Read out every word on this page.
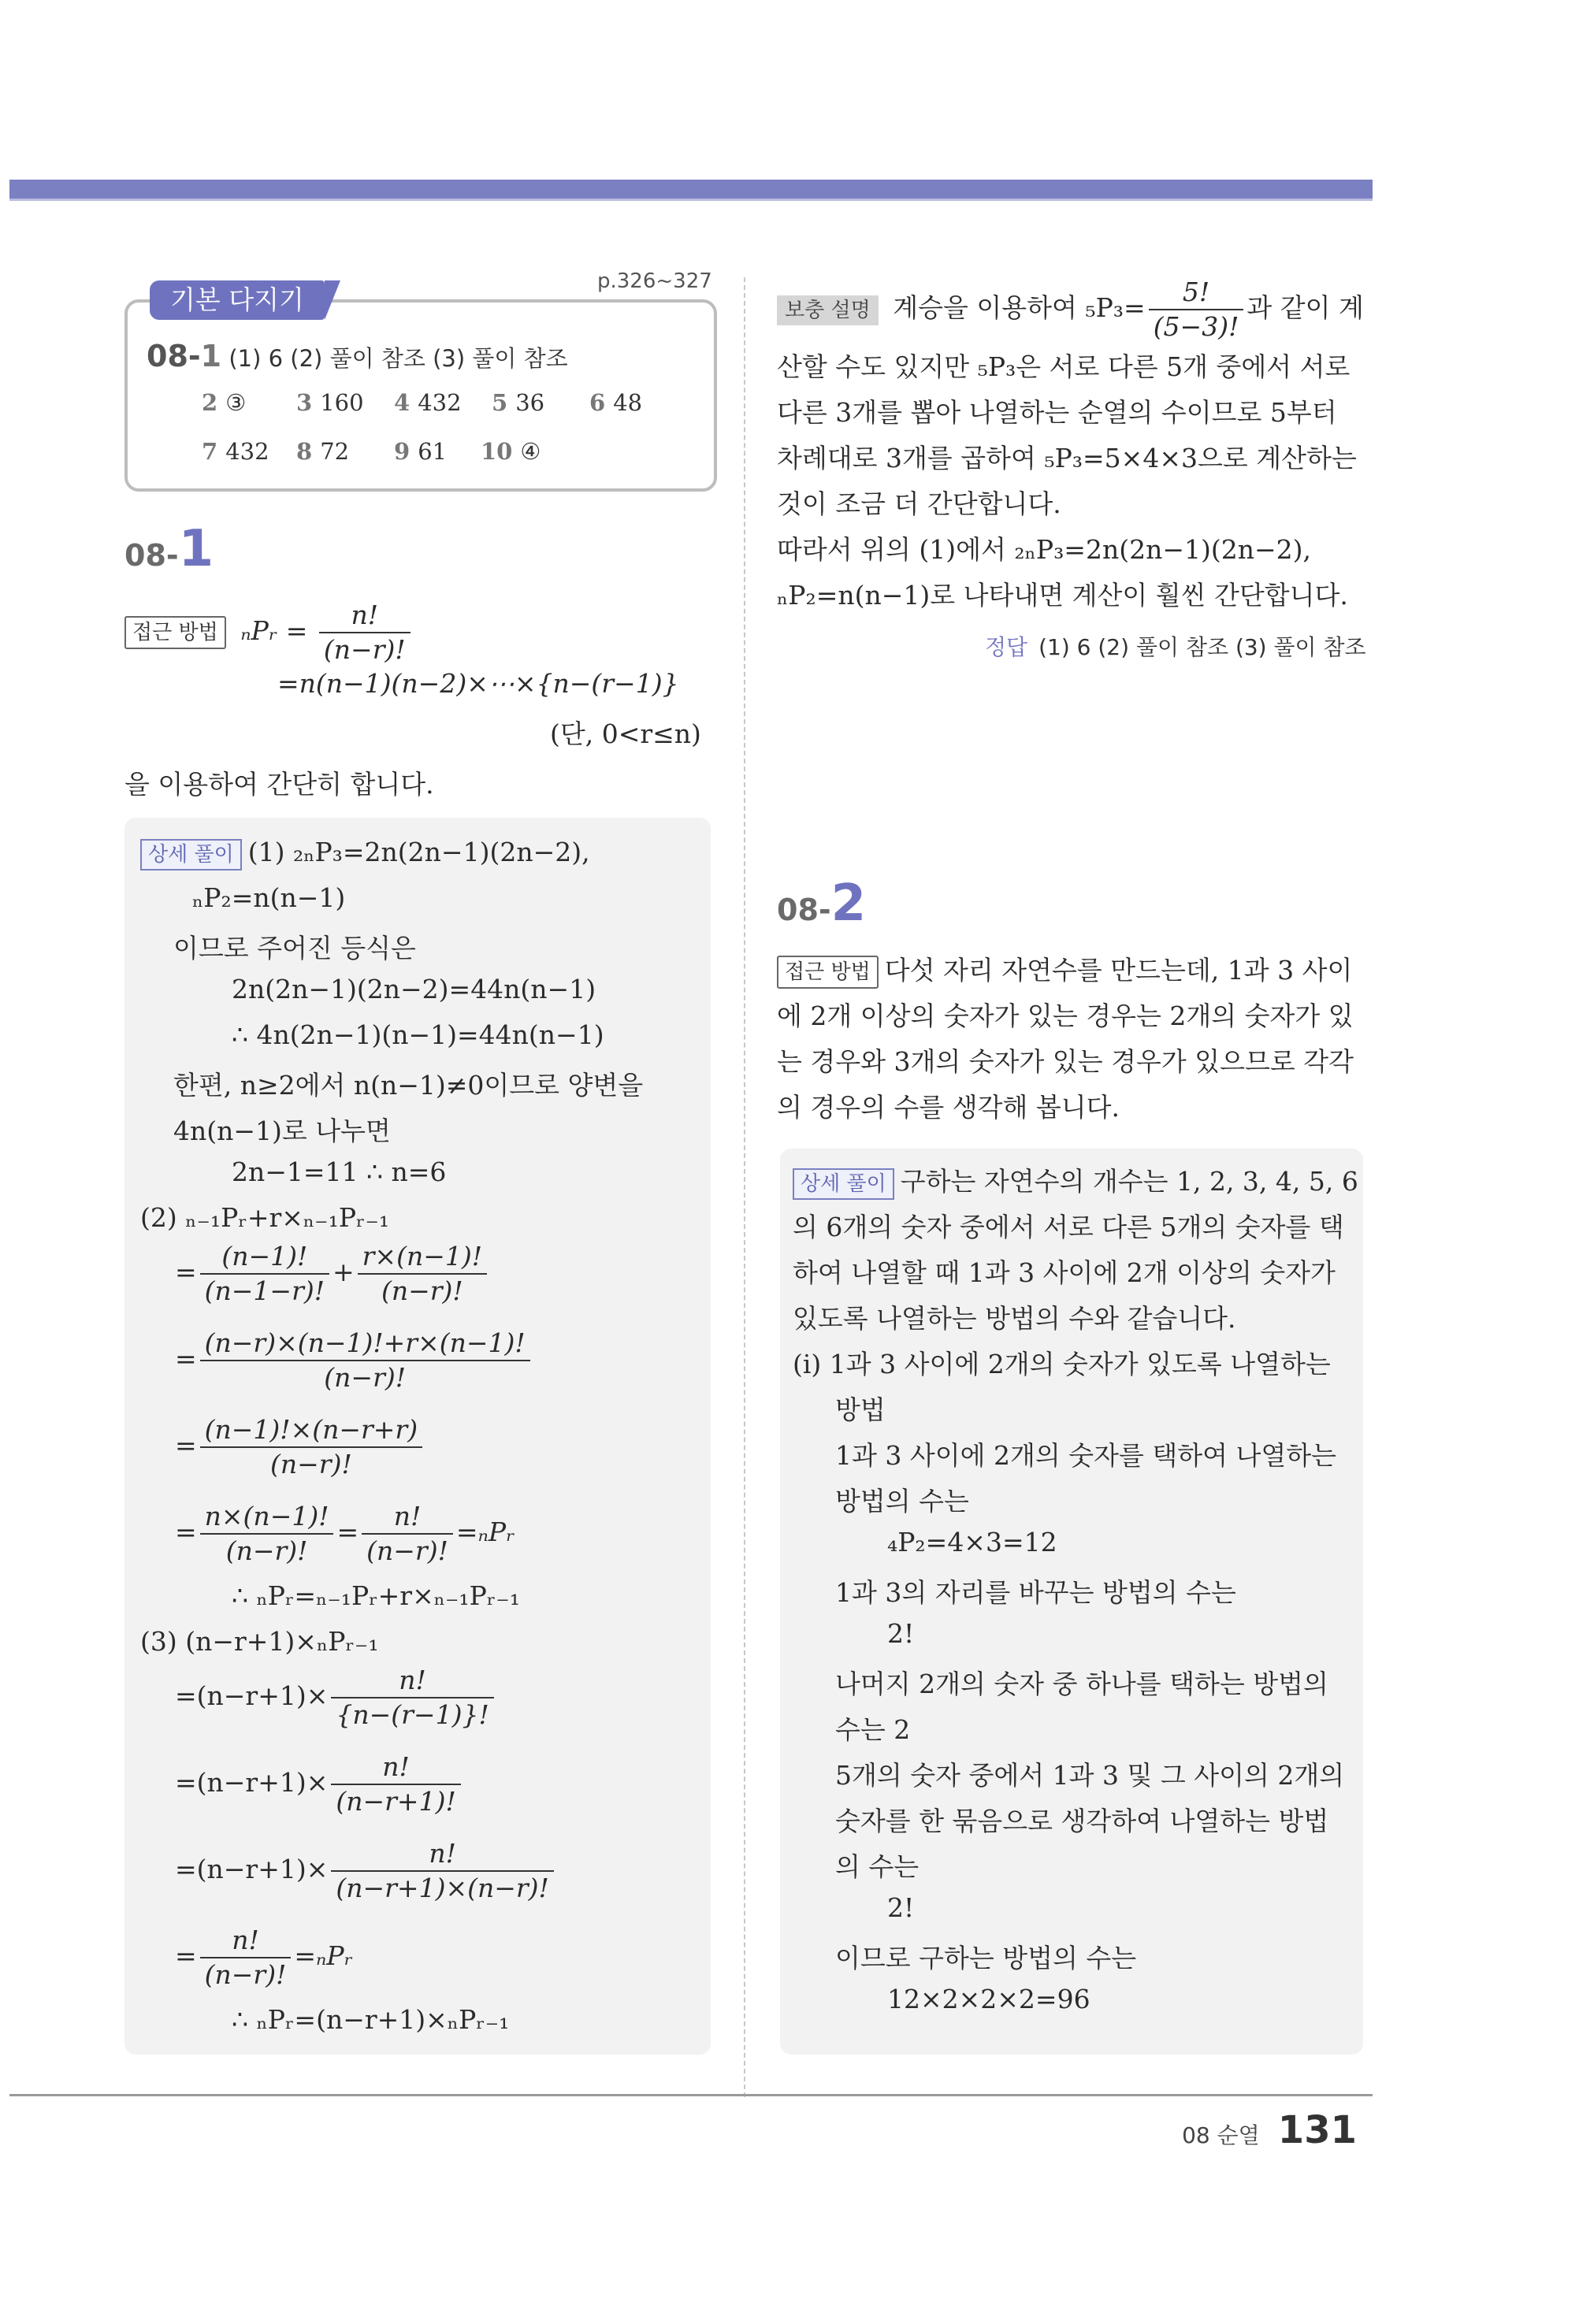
p.326~327
기본 다지기
08-1 (1) 6 (2) 풀이 참조 (3) 풀이 참조
2 ③ 3 160 4 432 5 36 6 48
7 432 8 72 9 61 10 ④
08-1
접근 방법 ₙPᵣ = $\frac{n!}{(n-r)!}$
=n(n−1)(n−2)×⋯×{n−(r−1)}
(단, 0<r≤n)
을 이용하여 간단히 합니다.
상세 풀이 (1) ₂ₙP₃=2n(2n−1)(2n−2),
ₙP₂=n(n−1)
이므로 주어진 등식은
2n(2n−1)(2n−2)=44n(n−1)
∴ 4n(2n−1)(n−1)=44n(n−1)
한편, n≥2에서 n(n−1)≠0이므로 양변을
4n(n−1)로 나누면
2n−1=11 ∴ n=6
(2) ₙ₋₁Pᵣ+r×ₙ₋₁Pᵣ₋₁
= $\frac{(n-1)!}{(n-1-r)!} + \frac{r\times(n-1)!}{(n-r)!}$
= $\frac{(n-r)\times(n-1)!+r\times(n-1)!}{(n-r)!}$
= $\frac{(n-1)!\times(n-r+r)}{(n-r)!}$
= $\frac{n\times(n-1)!}{(n-r)!} = \frac{n!}{(n-r)!}$ =ₙPᵣ
∴ ₙPᵣ=ₙ₋₁Pᵣ+r×ₙ₋₁Pᵣ₋₁
(3) (n−r+1)×ₙPᵣ₋₁
$=(n-r+1)\times \frac{n!}{\{n-(r-1)\}!}$
$=(n-r+1)\times \frac{n!}{(n-r+1)!}$
$=(n-r+1)\times \frac{n!}{(n-r+1)\times(n-r)!}$
= $\frac{n!}{(n-r)!}$ =ₙPᵣ
∴ ₙPᵣ=(n−r+1)×ₙPᵣ₋₁
보충 설명 계승을 이용하여 $_5P_3= \frac{5!}{(5-3)!}$ 과 같이 계
산할 수도 있지만 ₅P₃은 서로 다른 5개 중에서 서로
다른 3개를 뽑아 나열하는 순열의 수이므로 5부터
차례대로 3개를 곱하여 ₅P₃=5×4×3으로 계산하는
것이 조금 더 간단합니다.
따라서 위의 (1)에서 ₂ₙP₃=2n(2n−1)(2n−2),
ₙP₂=n(n−1)로 나타내면 계산이 훨씬 간단합니다.
정답 (1) 6 (2) 풀이 참조 (3) 풀이 참조
08-2
접근 방법 다섯 자리 자연수를 만드는데, 1과 3 사이
에 2개 이상의 숫자가 있는 경우는 2개의 숫자가 있
는 경우와 3개의 숫자가 있는 경우가 있으므로 각각
의 경우의 수를 생각해 봅니다.
상세 풀이 구하는 자연수의 개수는 1, 2, 3, 4, 5, 6
의 6개의 숫자 중에서 서로 다른 5개의 숫자를 택
하여 나열할 때 1과 3 사이에 2개 이상의 숫자가
있도록 나열하는 방법의 수와 같습니다.
(i) 1과 3 사이에 2개의 숫자가 있도록 나열하는
방법
1과 3 사이에 2개의 숫자를 택하여 나열하는
방법의 수는
₄P₂=4×3=12
1과 3의 자리를 바꾸는 방법의 수는
2!
나머지 2개의 숫자 중 하나를 택하는 방법의
수는 2
5개의 숫자 중에서 1과 3 및 그 사이의 2개의
숫자를 한 묶음으로 생각하여 나열하는 방법
의 수는
2!
이므로 구하는 방법의 수는
12×2×2×2=96
08 순열 131
